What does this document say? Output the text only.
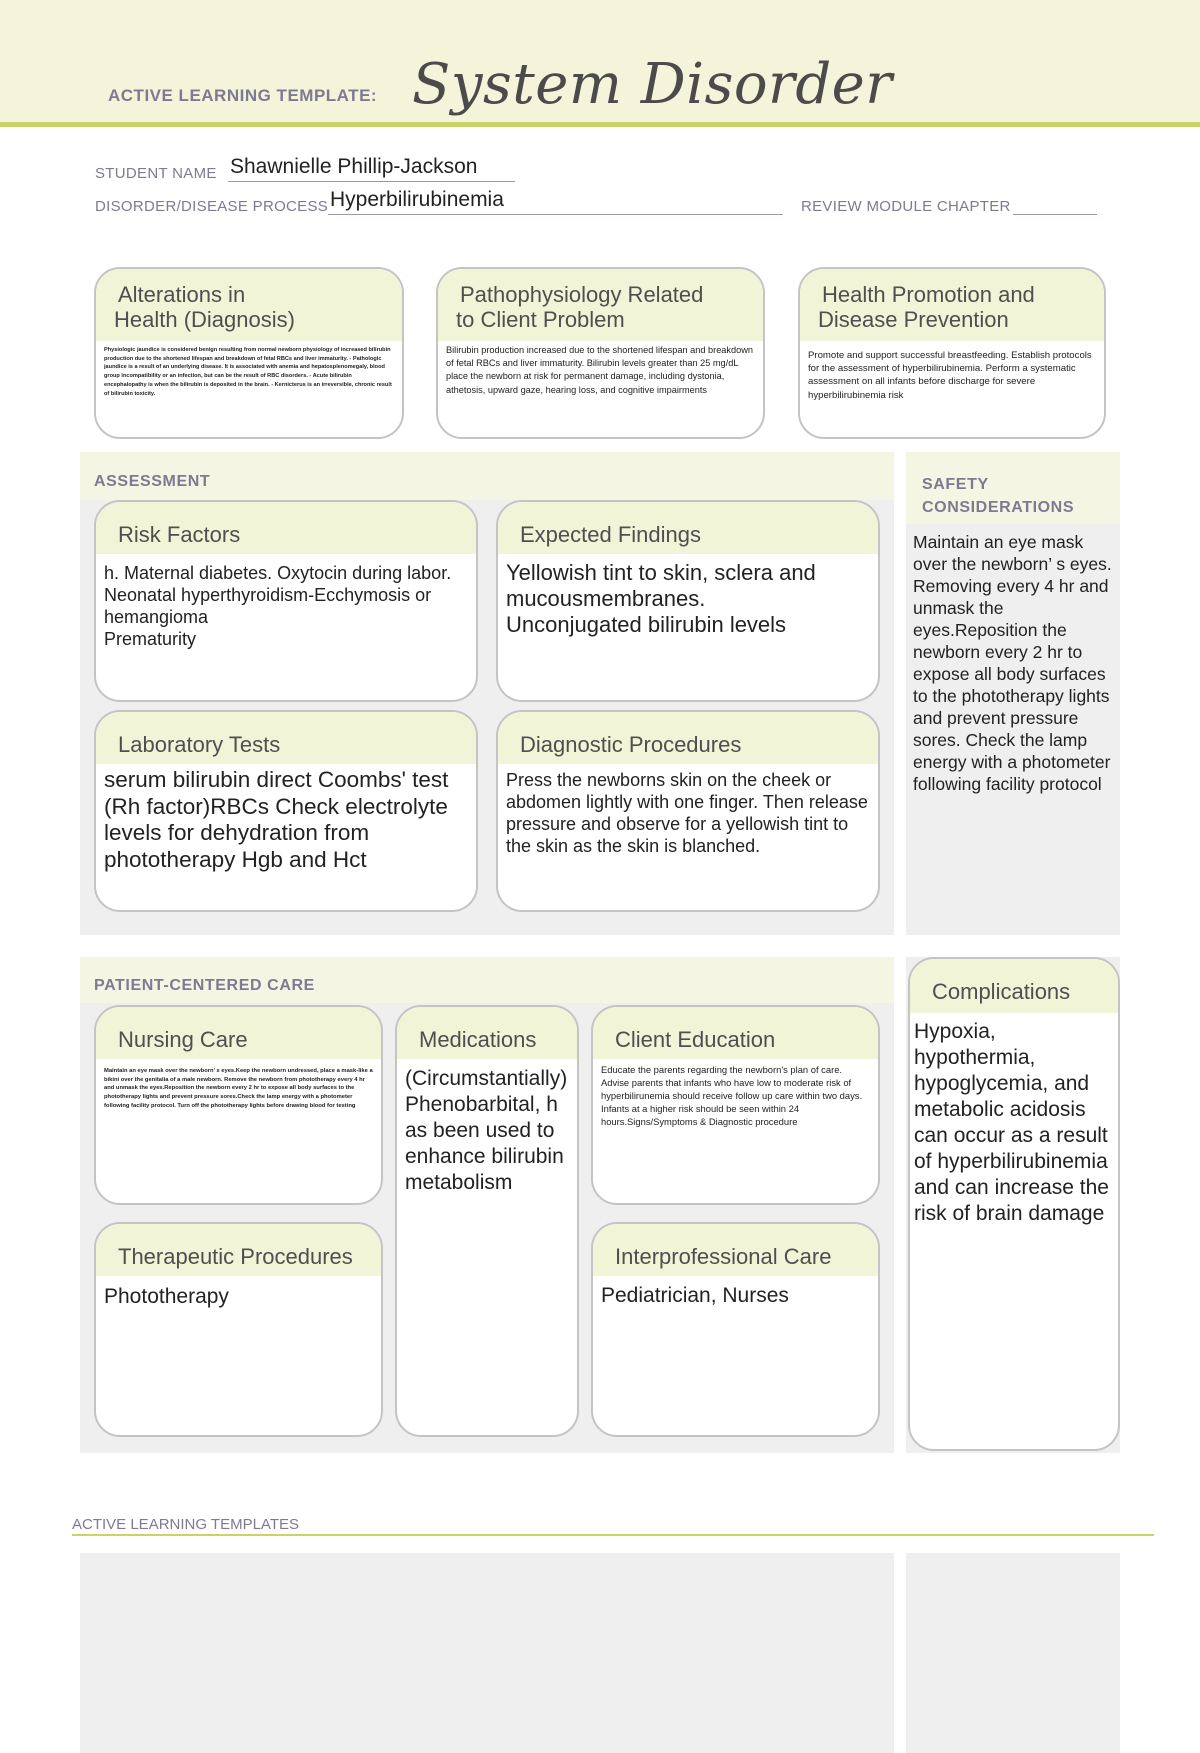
ACTIVE LEARNING TEMPLATE: System Disorder
STUDENT NAME Shawnielle Phillip-Jackson
DISORDER/DISEASE PROCESS Hyperbilirubinemia	REVIEW MODULE CHAPTER
Alterations in
Health (Diagnosis)
Physiologic jaundice is considered benign resulting from normal newborn physiology of increased bilirubin production due to the shortened lifespan and breakdown of fetal RBCs and liver immaturity. - Pathologic jaundice is a result of an underlying disease. It is associated with anemia and hepatosplenomegaly, blood group incompatibility or an infection, but can be the result of RBC disorders. - Acute bilirubin encephalopathy is when the bilirubin is deposited in the brain. - Kernicterus is an irreversible, chronic result of bilirubin toxicity.
Pathophysiology Related
to Client Problem
Bilirubin production increased due to the shortened lifespan and breakdown of fetal RBCs and liver immaturity. Bilirubin levels greater than 25 mg/dL place the newborn at risk for permanent damage, including dystonia, athetosis, upward gaze, hearing loss, and cognitive impairments
Health Promotion and
Disease Prevention
Promote and support successful breastfeeding. Establish protocols for the assessment of hyperbilirubinemia. Perform a systematic assessment on all infants before discharge for severe hyperbilirubinemia risk
ASSESSMENT
Risk Factors
h. Maternal diabetes. Oxytocin during labor.
Neonatal hyperthyroidism-Ecchymosis or hemangioma
Prematurity
Expected Findings
Yellowish tint to skin, sclera and mucousmembranes.
Unconjugated bilirubin levels
Laboratory Tests
serum bilirubin direct Coombs' test (Rh factor)RBCs Check electrolyte levels for dehydration from phototherapy Hgb and Hct
Diagnostic Procedures
Press the newborns skin on the cheek or abdomen lightly with one finger. Then release pressure and observe for a yellowish tint to the skin as the skin is blanched.
SAFETY
CONSIDERATIONS
Maintain an eye mask over the newborn’ s eyes. Removing every 4 hr and unmask the eyes.Reposition the newborn every 2 hr to expose all body surfaces to the phototherapy lights and prevent pressure sores. Check the lamp energy with a photometer following facility protocol
PATIENT-CENTERED CARE
Nursing Care
Maintain an eye mask over the newborn’ s eyes.Keep the newborn undressed, place a mask-like a bikini over the genitalia of a male newborn. Remove the newborn from phototherapy every 4 hr and unmask the eyes.Reposition the newborn every 2 hr to expose all body surfaces to the phototherapy lights and prevent pressure sores.Check the lamp energy with a photometer following facility protocol. Turn off the phototherapy lights before drawing blood for testing
Medications
(Circumstantially) Phenobarbital, has been used to enhance bilirubin metabolism
Client Education
Educate the parents regarding the newborn's plan of care. Advise parents that infants who have low to moderate risk of hyperbilirunemia should receive follow up care within two days. Infants at a higher risk should be seen within 24 hours.Signs/Symptoms & Diagnostic procedure
Therapeutic Procedures
Phototherapy
Interprofessional Care
Pediatrician, Nurses
Complications
Hypoxia, hypothermia, hypoglycemia, and metabolic acidosis can occur as a result of hyperbilirubinemia and can increase the risk of brain damage
ACTIVE LEARNING TEMPLATES
